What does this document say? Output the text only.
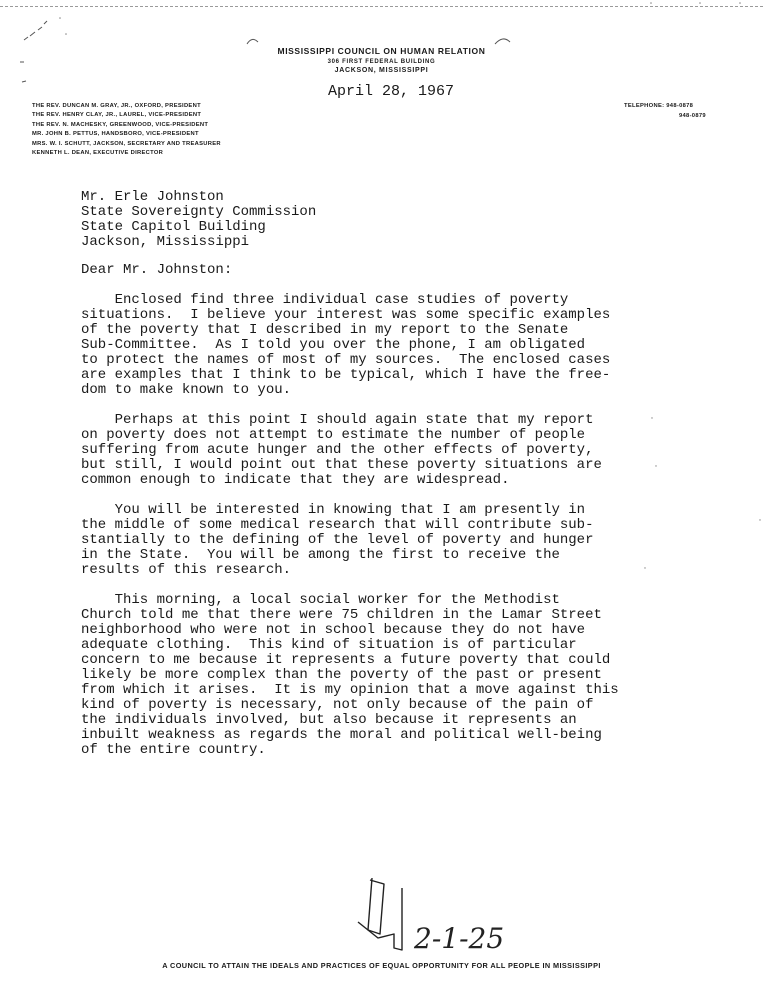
MISSISSIPPI COUNCIL ON HUMAN RELATION
306 FIRST FEDERAL BUILDING
JACKSON, MISSISSIPPI
April 28, 1967
THE REV. DUNCAN M. GRAY, JR., OXFORD, PRESIDENT
THE REV. HENRY CLAY, JR., LAUREL, VICE-PRESIDENT
THE REV. N. MACHESKY, GREENWOOD, VICE-PRESIDENT
MR. JOHN B. PETTUS, HANDSBORO, VICE-PRESIDENT
MRS. W. I. SCHUTT, JACKSON, SECRETARY AND TREASURER
KENNETH L. DEAN, EXECUTIVE DIRECTOR
TELEPHONE: 948-0878
948-0879
Mr. Erle Johnston
State Sovereignty Commission
State Capitol Building
Jackson, Mississippi
Dear Mr. Johnston:
Enclosed find three individual case studies of poverty
situations.  I believe your interest was some specific examples
of the poverty that I described in my report to the Senate
Sub-Committee.  As I told you over the phone, I am obligated
to protect the names of most of my sources.  The enclosed cases
are examples that I think to be typical, which I have the free-
dom to make known to you.
Perhaps at this point I should again state that my report
on poverty does not attempt to estimate the number of people
suffering from acute hunger and the other effects of poverty,
but still, I would point out that these poverty situations are
common enough to indicate that they are widespread.
You will be interested in knowing that I am presently in
the middle of some medical research that will contribute sub-
stantially to the defining of the level of poverty and hunger
in the State.  You will be among the first to receive the
results of this research.
This morning, a local social worker for the Methodist
Church told me that there were 75 children in the Lamar Street
neighborhood who were not in school because they do not have
adequate clothing.  This kind of situation is of particular
concern to me because it represents a future poverty that could
likely be more complex than the poverty of the past or present
from which it arises.  It is my opinion that a move against this
kind of poverty is necessary, not only because of the pain of
the individuals involved, but also because it represents an
inbuilt weakness as regards the moral and political well-being
of the entire country.
2-1-25
A COUNCIL TO ATTAIN THE IDEALS AND PRACTICES OF EQUAL OPPORTUNITY FOR ALL PEOPLE IN MISSISSIPPI
